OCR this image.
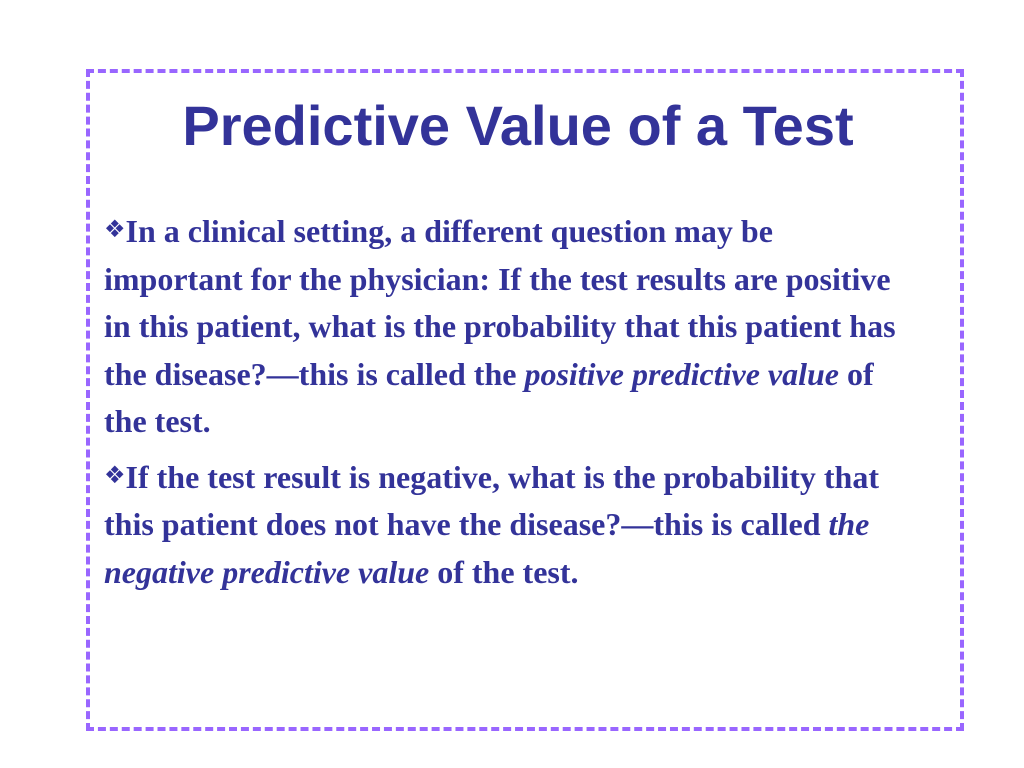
Predictive Value of a Test

❖In a clinical setting, a different question may be important for the physician: If the test results are positive in this patient, what is the probability that this patient has the disease?—this is called the positive predictive value of the test.

❖If the test result is negative, what is the probability that this patient does not have the disease?—this is called the negative predictive value of the test.
